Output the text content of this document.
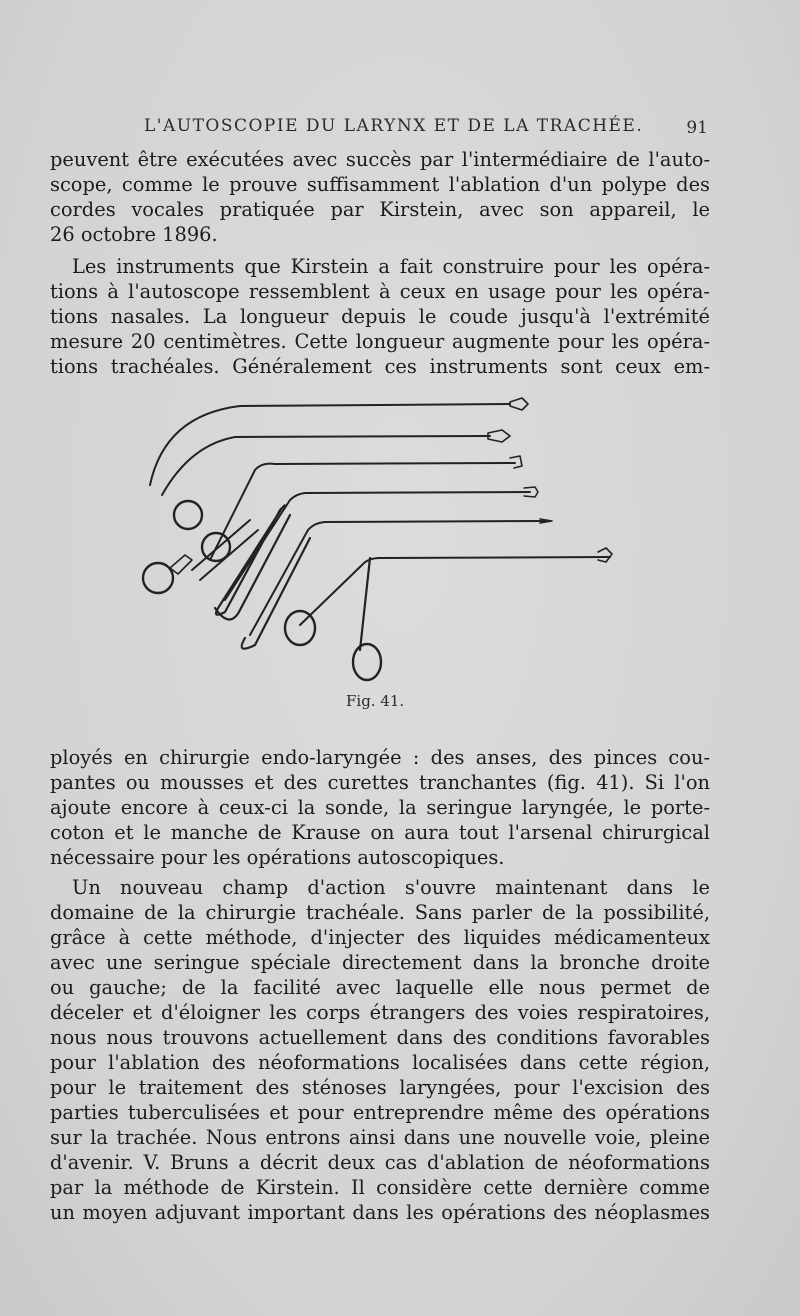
L'AUTOSCOPIE DU LARYNX ET DE LA TRACHÉE.	91
peuvent être exécutées avec succès par l'intermédiaire de l'auto-
scope, comme le prouve suffisamment l'ablation d'un polype des
cordes vocales pratiquée par Kirstein, avec son appareil, le
26 octobre 1896.
Les instruments que Kirstein a fait construire pour les opéra-
tions à l'autoscope ressemblent à ceux en usage pour les opéra-
tions nasales. La longueur depuis le coude jusqu'à l'extrémité
mesure 20 centimètres. Cette longueur augmente pour les opéra-
tions trachéales. Généralement ces instruments sont ceux em-
Fig. 41.
ployés en chirurgie endo-laryngée : des anses, des pinces cou-
pantes ou mousses et des curettes tranchantes (fig. 41). Si l'on
ajoute encore à ceux-ci la sonde, la seringue laryngée, le porte-
coton et le manche de Krause on aura tout l'arsenal chirurgical
nécessaire pour les opérations autoscopiques.
Un nouveau champ d'action s'ouvre maintenant dans le
domaine de la chirurgie trachéale. Sans parler de la possibilité,
grâce à cette méthode, d'injecter des liquides médicamenteux
avec une seringue spéciale directement dans la bronche droite
ou gauche; de la facilité avec laquelle elle nous permet de
déceler et d'éloigner les corps étrangers des voies respiratoires,
nous nous trouvons actuellement dans des conditions favorables
pour l'ablation des néoformations localisées dans cette région,
pour le traitement des sténoses laryngées, pour l'excision des
parties tuberculisées et pour entreprendre même des opérations
sur la trachée. Nous entrons ainsi dans une nouvelle voie, pleine
d'avenir. V. Bruns a décrit deux cas d'ablation de néoformations
par la méthode de Kirstein. Il considère cette dernière comme
un moyen adjuvant important dans les opérations des néoplasmes
